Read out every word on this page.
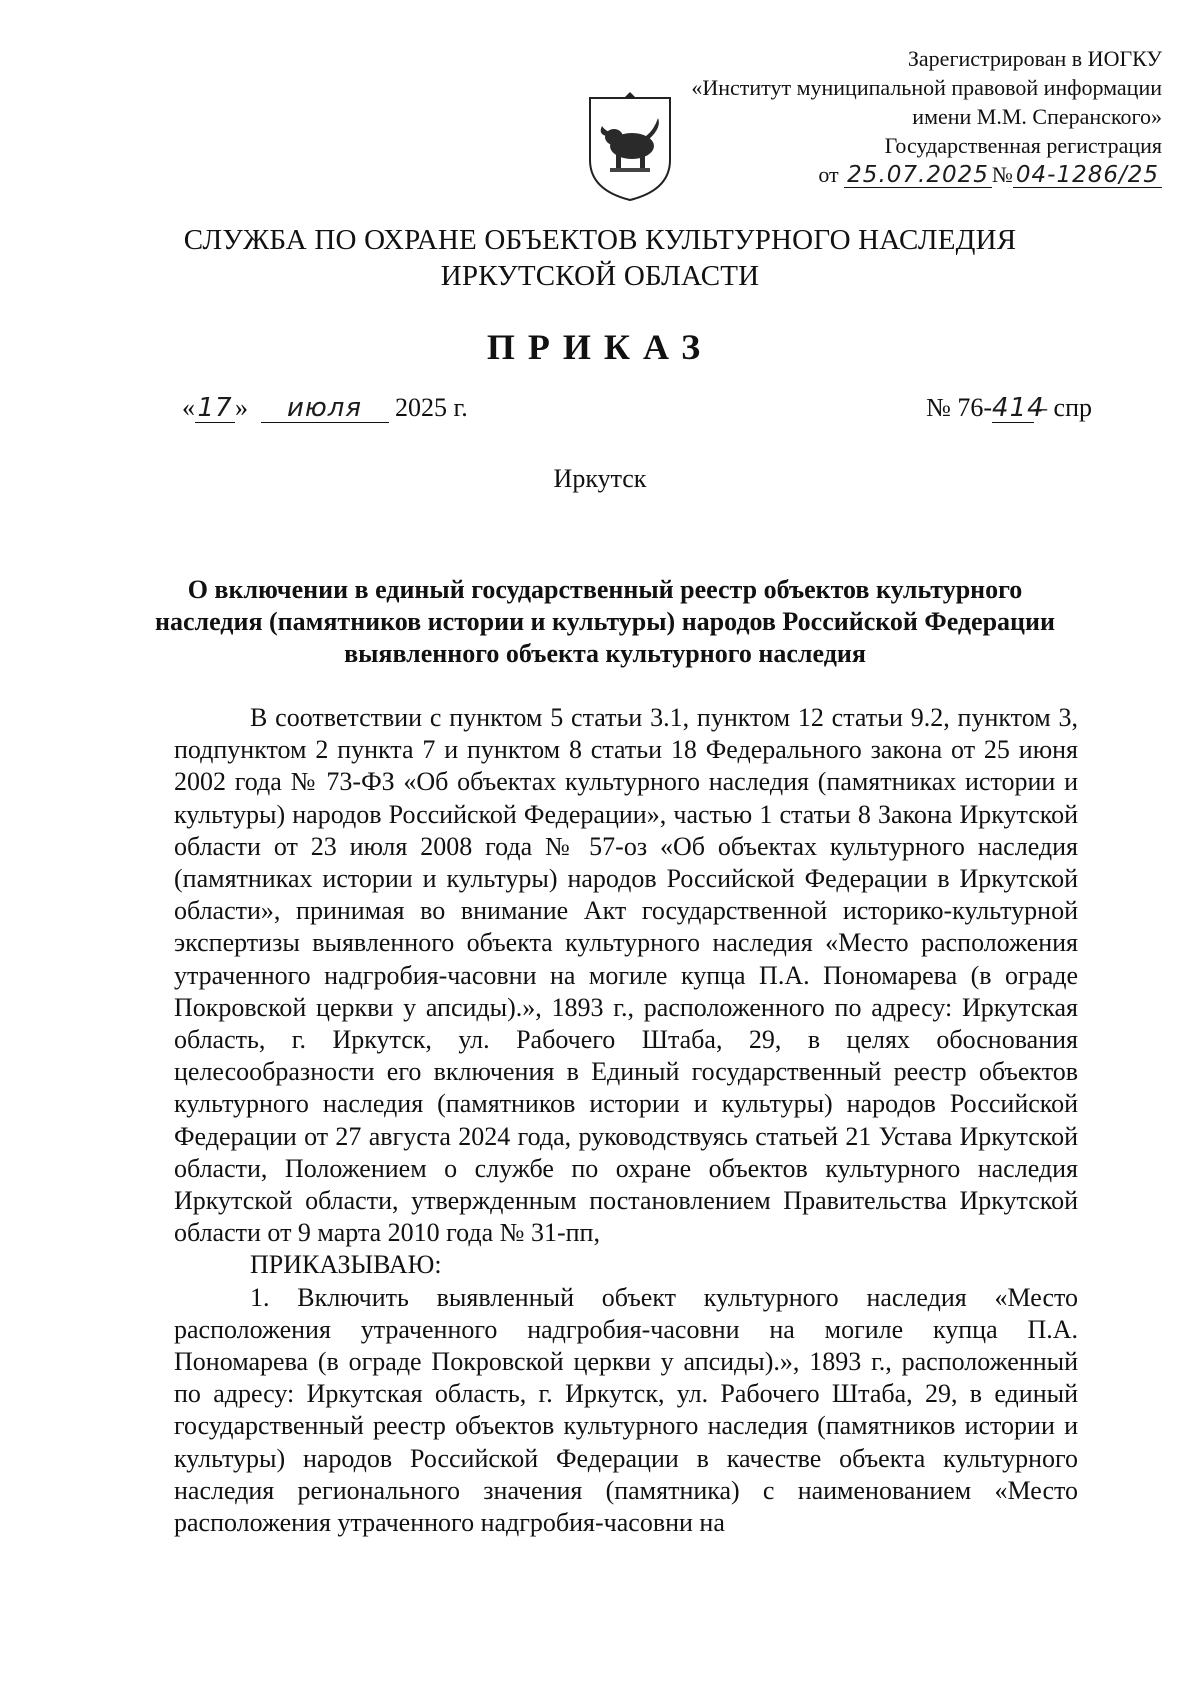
Зарегистрирован в ИОГКУ
«Институт муниципальной правовой информации
имени М.М. Сперанского»
Государственная регистрация
от 25.07.2025 № 04-1286/25
СЛУЖБА ПО ОХРАНЕ ОБЪЕКТОВ КУЛЬТУРНОГО НАСЛЕДИЯ
ИРКУТСКОЙ ОБЛАСТИ
ПРИКАЗ
«17» июля 2025 г.	№ 76-414– спр
Иркутск
О включении в единый государственный реестр объектов культурного наследия (памятников истории и культуры) народов Российской Федерации выявленного объекта культурного наследия

В соответствии с пунктом 5 статьи 3.1, пунктом 12 статьи 9.2, пунктом 3, подпунктом 2 пункта 7 и пунктом 8 статьи 18 Федерального закона от 25 июня 2002 года № 73-ФЗ «Об объектах культурного наследия (памятниках истории и культуры) народов Российской Федерации», частью 1 статьи 8 Закона Иркутской области от 23 июля 2008 года № 57-оз «Об объектах культурного наследия (памятниках истории и культуры) народов Российской Федерации в Иркутской области», принимая во внимание Акт государственной историко-культурной экспертизы выявленного объекта культурного наследия «Место расположения утраченного надгробия-часовни на могиле купца П.А. Пономарева (в ограде Покровской церкви у апсиды).», 1893 г., расположенного по адресу: Иркутская область, г. Иркутск, ул. Рабочего Штаба, 29, в целях обоснования целесообразности его включения в Единый государственный реестр объектов культурного наследия (памятников истории и культуры) народов Российской Федерации от 27 августа 2024 года, руководствуясь статьей 21 Устава Иркутской области, Положением о службе по охране объектов культурного наследия Иркутской области, утвержденным постановлением Правительства Иркутской области от 9 марта 2010 года № 31-пп,

ПРИКАЗЫВАЮ:

1. Включить выявленный объект культурного наследия «Место расположения утраченного надгробия-часовни на могиле купца П.А. Пономарева (в ограде Покровской церкви у апсиды).», 1893 г., расположенный по адресу: Иркутская область, г. Иркутск, ул. Рабочего Штаба, 29, в единый государственный реестр объектов культурного наследия (памятников истории и культуры) народов Российской Федерации в качестве объекта культурного наследия регионального значения (памятника) с наименованием «Место расположения утраченного надгробия-часовни на
